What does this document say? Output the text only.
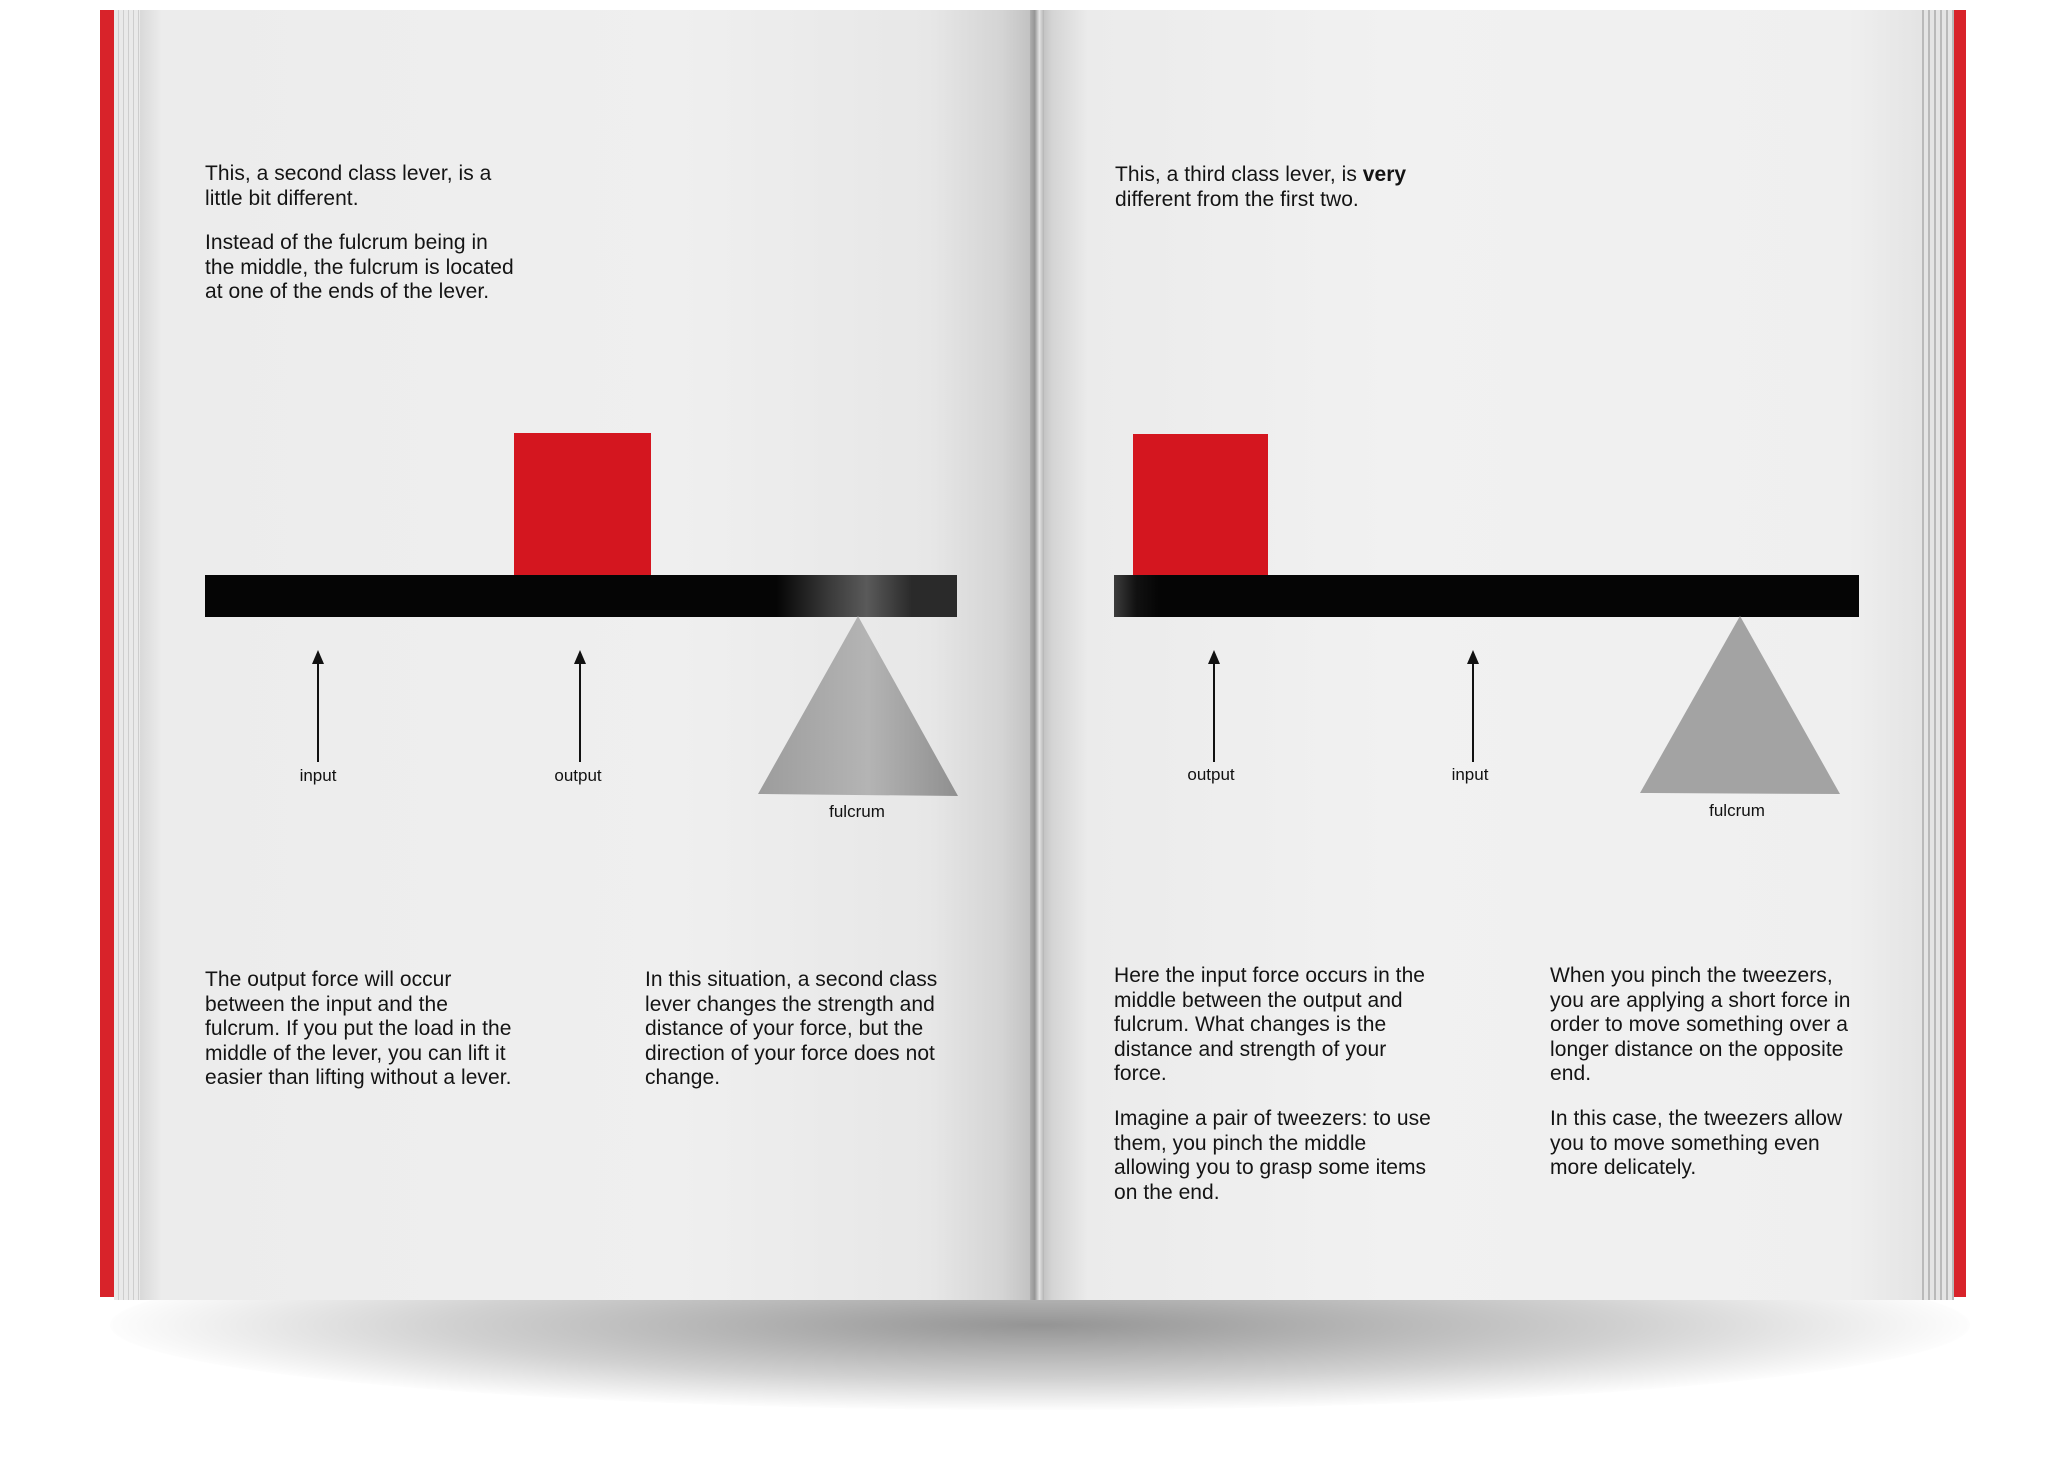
This, a second class lever, is a little bit different.

Instead of the fulcrum being in the middle, the fulcrum is located at one of the ends of the lever.

input	output
fulcrum

The output force will occur between the input and the fulcrum. If you put the load in the middle of the lever, you can lift it easier than lifting without a lever.

In this situation, a second class lever changes the strength and distance of your force, but the direction of your force does not change.

This, a third class lever, is very different from the first two.

output	input
fulcrum

Here the input force occurs in the middle between the output and fulcrum. What changes is the distance and strength of your force.

Imagine a pair of tweezers: to use them, you pinch the middle allowing you to grasp some items on the end.

When you pinch the tweezers, you are applying a short force in order to move something over a longer distance on the opposite end.

In this case, the tweezers allow you to move something even more delicately.
